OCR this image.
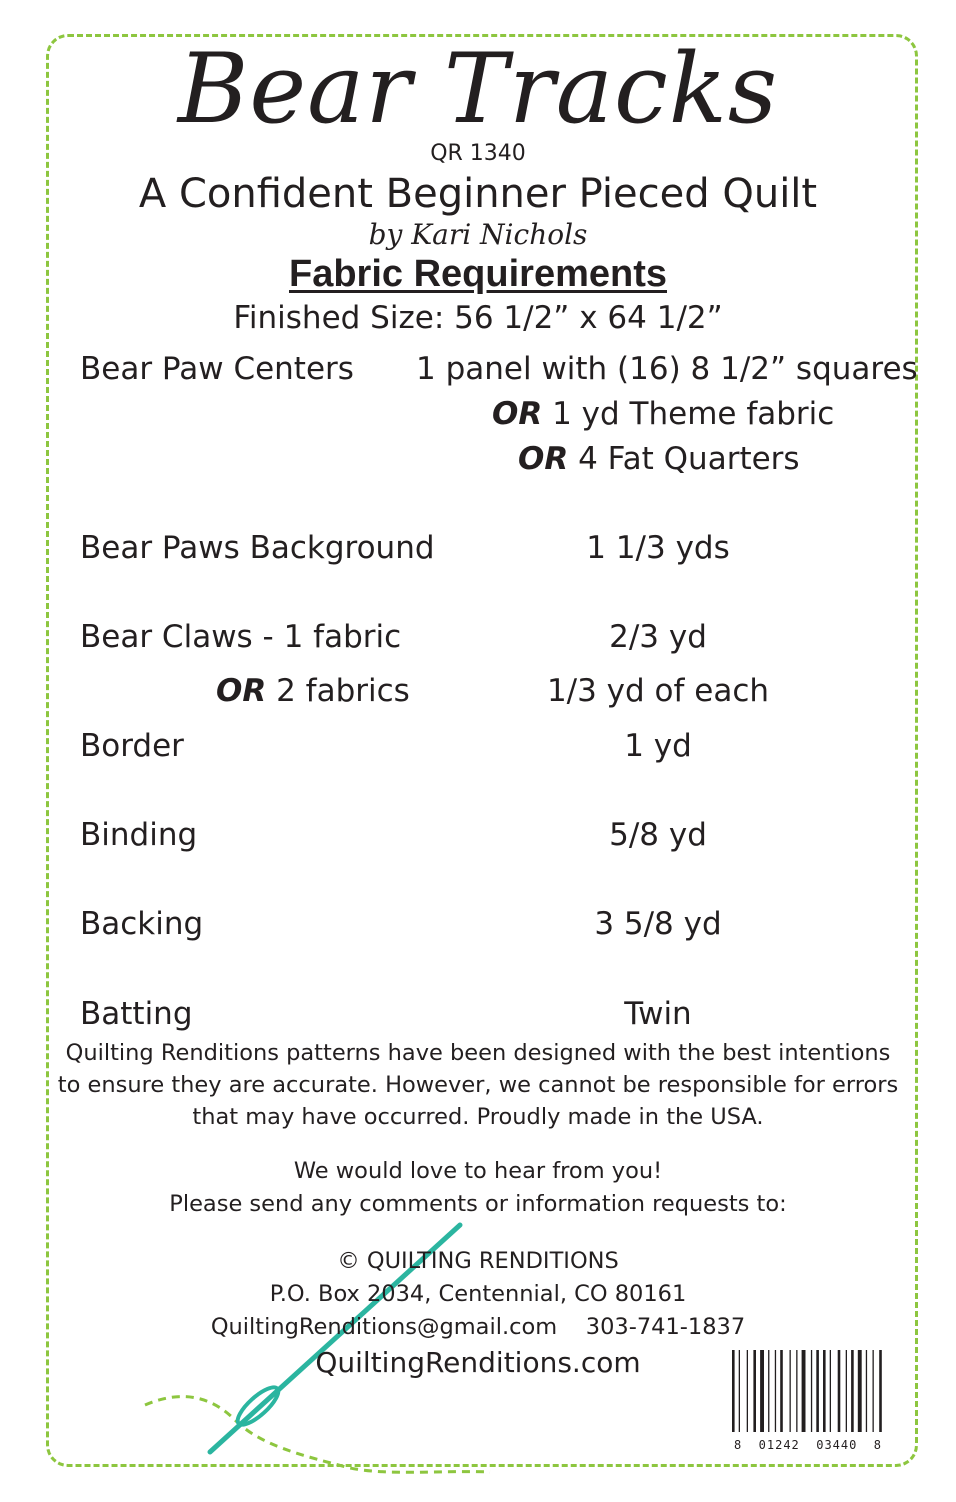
Bear Tracks
QR 1340
A Confident Beginner Pieced Quilt
by Kari Nichols
Fabric Requirements
Finished Size: 56 1/2” x 64 1/2”
Bear Paw Centers 1 panel with (16) 8 1/2” squares
OR 1 yd Theme fabric
OR 4 Fat Quarters
Bear Paws Background	1 1/3 yds
Bear Claws - 1 fabric	2/3 yd
OR 2 fabrics	1/3 yd of each
Border	1 yd
Binding	5/8 yd
Backing	3 5/8 yd
Batting	Twin
Quilting Renditions patterns have been designed with the best intentions
to ensure they are accurate. However, we cannot be responsible for errors
that may have occurred. Proudly made in the USA.
We would love to hear from you!
Please send any comments or information requests to:
© QUILTING RENDITIONS
P.O. Box 2034, Centennial, CO 80161
QuiltingRenditions@gmail.com    303-741-1837
QuiltingRenditions.com
8  01242  03440  8
